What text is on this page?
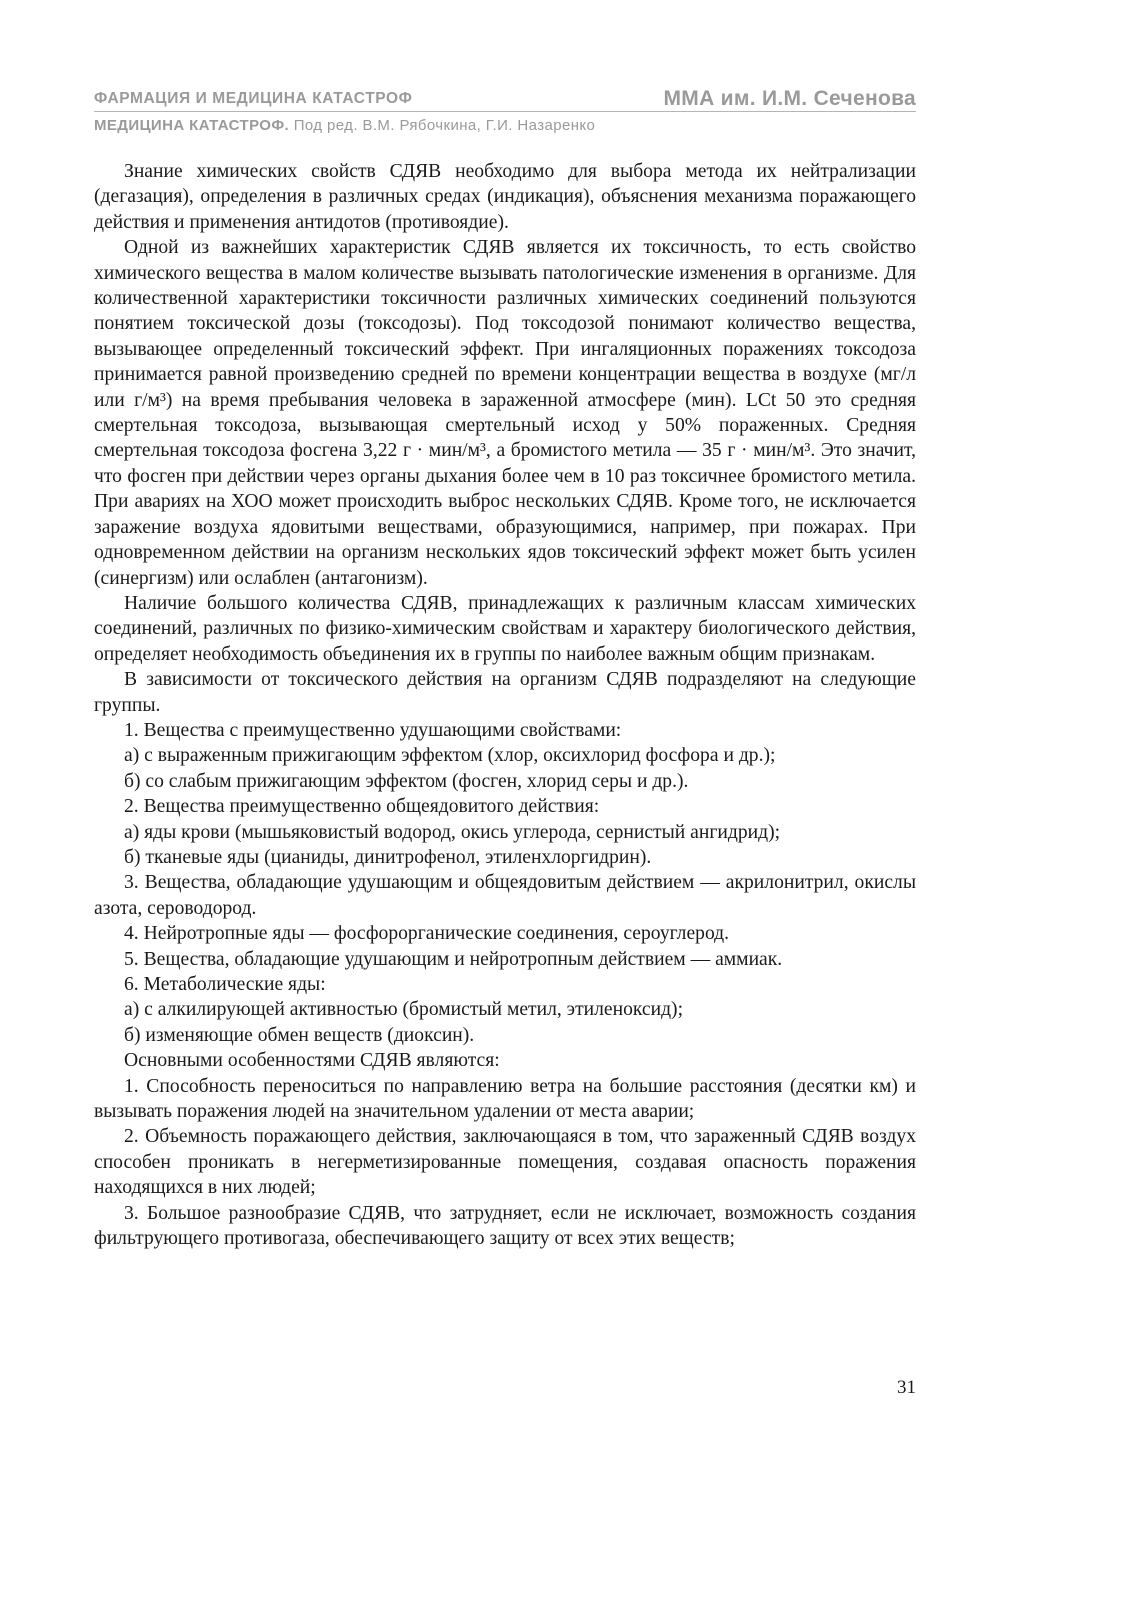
ФАРМАЦИЯ И МЕДИЦИНА КАТАСТРОФ	ММА им. И.М. Сеченова
МЕДИЦИНА КАТАСТРОФ. Под ред. В.М. Рябочкина, Г.И. Назаренко

Знание химических свойств СДЯВ необходимо для выбора метода их нейтрализации (дегазация), определения в различных средах (индикация), объяснения механизма поражающего действия и применения антидотов (противоядие).

Одной из важнейших характеристик СДЯВ является их токсичность, то есть свойство химического вещества в малом количестве вызывать патологические изменения в организме. Для количественной характеристики токсичности различных химических соединений пользуются понятием токсической дозы (токсодозы). Под токсодозой понимают количество вещества, вызывающее определенный токсический эффект. При ингаляционных поражениях токсодоза принимается равной произведению средней по времени концентрации вещества в воздухе (мг/л или г/м³) на время пребывания человека в зараженной атмосфере (мин). LCt 50 это средняя смертельная токсодоза, вызывающая смертельный исход у 50% пораженных. Средняя смертельная токсодоза фосгена 3,22 г · мин/м³, а бромистого метила — 35 г · мин/м³. Это значит, что фосген при действии через органы дыхания более чем в 10 раз токсичнее бромистого метила. При авариях на ХОО может происходить выброс нескольких СДЯВ. Кроме того, не исключается заражение воздуха ядовитыми веществами, образующимися, например, при пожарах. При одновременном действии на организм нескольких ядов токсический эффект может быть усилен (синергизм) или ослаблен (антагонизм).

Наличие большого количества СДЯВ, принадлежащих к различным классам химических соединений, различных по физико-химическим свойствам и характеру биологического действия, определяет необходимость объединения их в группы по наиболее важным общим признакам.

В зависимости от токсического действия на организм СДЯВ подразделяют на следующие группы.

1. Вещества с преимущественно удушающими свойствами:

а) с выраженным прижигающим эффектом (хлор, оксихлорид фосфора и др.);

б) со слабым прижигающим эффектом (фосген, хлорид серы и др.).

2. Вещества преимущественно общеядовитого действия:

а) яды крови (мышьяковистый водород, окись углерода, сернистый ангидрид);

б) тканевые яды (цианиды, динитрофенол, этиленхлоргидрин).

3. Вещества, обладающие удушающим и общеядовитым действием — акрилонитрил, окислы азота, сероводород.

4. Нейротропные яды — фосфорорганические соединения, сероуглерод.

5. Вещества, обладающие удушающим и нейротропным действием — аммиак.

6. Метаболические яды:

а) с алкилирующей активностью (бромистый метил, этиленоксид);

б) изменяющие обмен веществ (диоксин).

Основными особенностями СДЯВ являются:

1. Способность переноситься по направлению ветра на большие расстояния (десятки км) и вызывать поражения людей на значительном удалении от места аварии;

2. Объемность поражающего действия, заключающаяся в том, что зараженный СДЯВ воздух способен проникать в негерметизированные помещения, создавая опасность поражения находящихся в них людей;

3. Большое разнообразие СДЯВ, что затрудняет, если не исключает, возможность создания фильтрующего противогаза, обеспечивающего защиту от всех этих веществ;

31
